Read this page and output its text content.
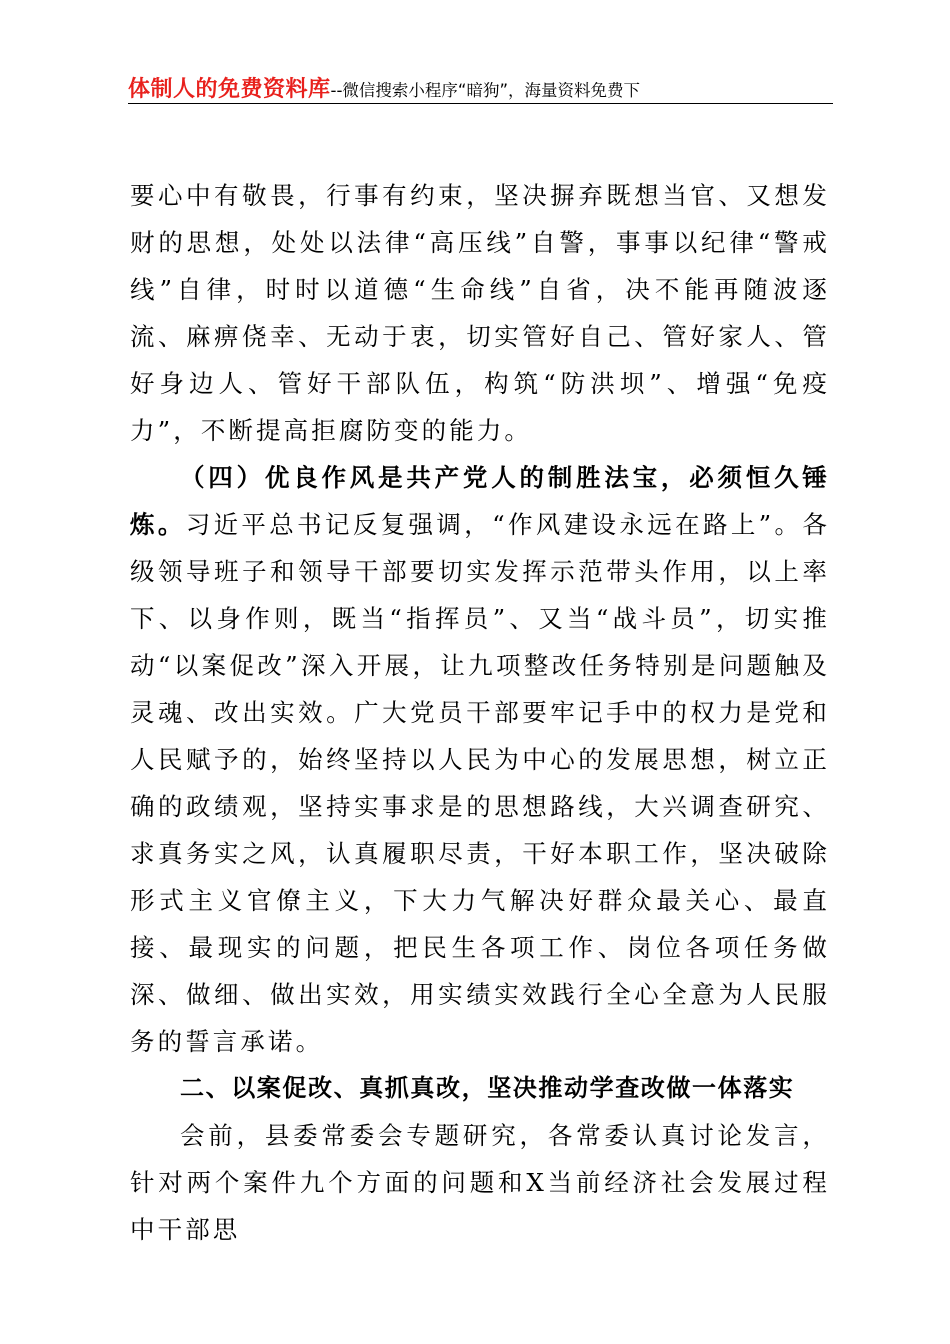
体制人的免费资料库--微信搜索小程序“暗狗”，海量资料免费下

要心中有敬畏，行事有约束，坚决摒弃既想当官、又想发财的思想，处处以法律“高压线”自警，事事以纪律“警戒线”自律，时时以道德“生命线”自省，决不能再随波逐流、麻痹侥幸、无动于衷，切实管好自己、管好家人、管好身边人、管好干部队伍，构筑“防洪坝”、增强“免疫力”，不断提高拒腐防变的能力。

（四）优良作风是共产党人的制胜法宝，必须恒久锤炼。习近平总书记反复强调，“作风建设永远在路上”。各级领导班子和领导干部要切实发挥示范带头作用，以上率下、以身作则，既当“指挥员”、又当“战斗员”，切实推动“以案促改”深入开展，让九项整改任务特别是问题触及灵魂、改出实效。广大党员干部要牢记手中的权力是党和人民赋予的，始终坚持以人民为中心的发展思想，树立正确的政绩观，坚持实事求是的思想路线，大兴调查研究、求真务实之风，认真履职尽责，干好本职工作，坚决破除形式主义官僚主义，下大力气解决好群众最关心、最直接、最现实的问题，把民生各项工作、岗位各项任务做深、做细、做出实效，用实绩实效践行全心全意为人民服务的誓言承诺。

二、以案促改、真抓真改，坚决推动学查改做一体落实

会前，县委常委会专题研究，各常委认真讨论发言，针对两个案件九个方面的问题和X当前经济社会发展过程中干部思
